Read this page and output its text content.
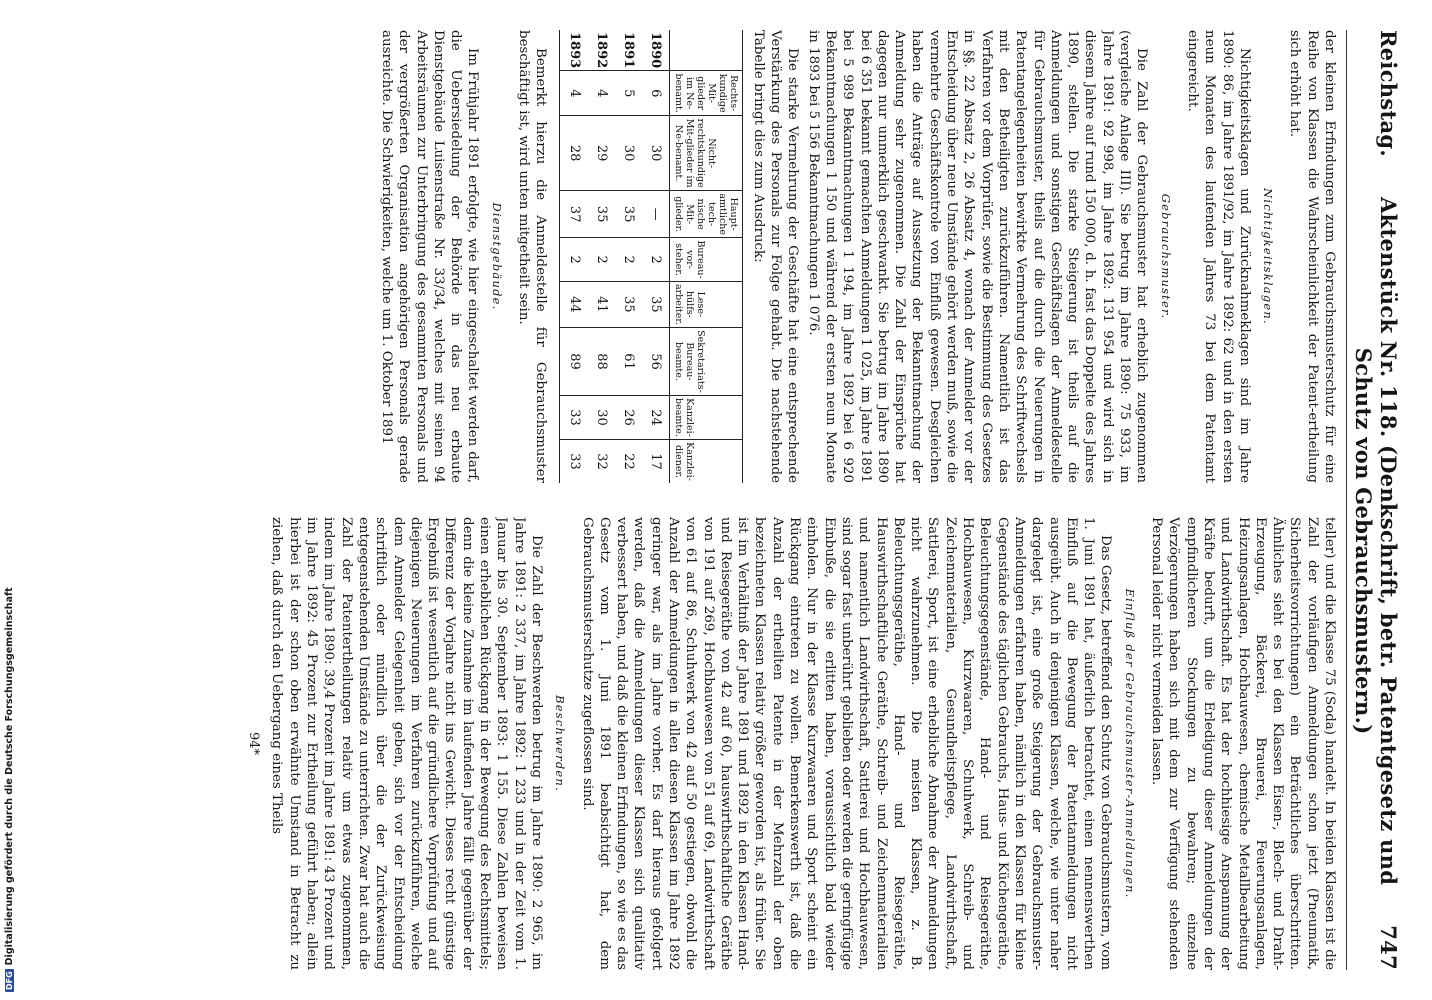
Reichstag.
Aktenstück Nr. 118. (Denkschrift, betr. Patentgesetz und Schutz von Gebrauchsmustern.)
747

der kleinen Erfindungen zum Gebrauchsmusterschutz für eine Reihe von Klassen die Wahrscheinlichkeit der Patent-ertheilung sich erhöht hat.

Nichtigkeitsklagen.

Nichtigkeitsklagen und Zurücknahmeklagen sind im Jahre 1890: 86, im Jahre 1891/92, im Jahre 1892: 62 und in den ersten neun Monaten des laufenden Jahres 73 bei dem Patentamt eingereicht.

Gebrauchsmuster.

Die Zahl der Gebrauchsmuster hat erheblich zugenommen (vergleiche Anlage III). Sie betrug im Jahre 1890: 75 933, im Jahre 1891: 92 998, im Jahre 1892: 131 954 und wird sich in diesem Jahre auf rund 150 000, d. h. fast das Doppelte des Jahres 1890, stellen. Die starke Steigerung ist theils auf die Anmeldungen und sonstigen Geschäftslagen der Anmeldestelle für Gebrauchsmuster, theils auf die durch die Neuerungen in Patentangelegenheiten bewirkte Vermehrung des Schriftwechsels mit den Betheiligten zurückzuführen. Namentlich ist das Verfahren vor dem Vorprüfer, sowie die Bestimmung des Gesetzes in §§. 22 Absatz 2, 26 Absatz 4, wonach der Anmelder vor der Entscheidung über neue Umstände gehört werden muß, sowie die vermehrte Geschäftskontrole von Einfluß gewesen. Desgleichen haben die Anträge auf Aussetzung der Bekanntmachung der Anmeldung sehr zugenommen. Die Zahl der Einsprüche hat dagegen nur unmerklich geschwankt. Sie betrug im Jahre 1890 bei 6 351 bekannt gemachten Anmeldungen 1 025, im Jahre 1891 bei 5 989 Bekanntmachungen 1 194, im Jahre 1892 bei 6 920 Bekanntmachungen 1 150 und während der ersten neun Monate in 1893 bei 5 156 Bekanntmachungen 1 076.

Die starke Vermehrung der Geschäfte hat eine entsprechende Verstärkung des Personals zur Folge gehabt. Die nachstehende Tabelle bringt dies zum Ausdruck:

	Rechts-kundige Mit-glieder im Ne-benamt.	Nicht-rechtskundige Mit-glieder im Ne-benamt.	Haupt-amtliche tech-nische Mit-glieder.	Bureau-vor-steher.	Lese-hülfs-arbeiter.	Sekretariats-Bureau-beamte.	Kanzlei-beamte.	Kanzlei-diener.
1890	6	30	—	2	35	56	24	17
1891	5	30	35	2	35	61	26	22
1892	4	29	35	2	41	88	30	32
1893	4	28	37	2	44	89	33	33

Bemerkt hierzu die Anmeldestelle für Gebrauchsmuster beschäftigt ist, wird unten mitgetheilt sein.

Dienstgebäude.

Im Frühjahr 1891 erfolgte, wie hier eingeschaltet werden darf, die Uebersiedelung der Behörde in das neu erbaute Dienstgebäude Luisenstraße Nr. 33/34, welches mit seinen 94 Arbeitsräumen zur Unterbringung des gesammten Personals und der vergrößerten Organisation angehörigen Personals gerade ausreichte. Die Schwierigkeiten, welche um 1. Oktober 1891

teller) und die Klasse 75 (Soda) handelt. In beiden Klassen ist die Zahl der vorläufigen Anmeldungen schon jetzt (Pneumatik, Sicherheitsvorrichtungen) ein Beträchtliches überschritten. Ähnliches sieht es bei den Klassen Eisen-, Blech- und Draht-Erzeugung, Bäckerei, Brauerei, Feuerungsanlagen, Heizungsanlagen, Hochbauwesen, chemische Metallbearbeitung und Landwirthschaft. Es hat der hochhiesige Anspannung der Kräfte bedurft, um die Erledigung dieser Anmeldungen der empfindlicheren Stockungen zu bewahren; einzelne Verzögerungen haben sich mit dem zur Verfügung stehenden Personal leider nicht vermeiden lassen.

Einfluß der Gebrauchsmuster-Anmeldungen.

Das Gesetz, betreffend den Schutz von Gebrauchsmustern, vom 1. Juni 1891 hat, äußerlich betrachtet, einen nennenswerthen Einfluß auf die Bewegung der Patentanmeldungen nicht ausgeübt. Auch in denjenigen Klassen, welche, wie unter naher dargelegt ist, eine große Steigerung der Gebrauchsmuster-Anmeldungen erfahren haben, nämlich in den Klassen für kleine Gegenstände des täglichen Gebrauchs, Haus- und Küchengeräthe, Beleuchtungsgegenstände, Hand- und Reisegeräthe, Hochbauwesen, Kurzwaaren, Schuhwerk, Schreib- und Zeichenmaterialien, Gesundheitspflege, Landwirthschaft, Sattlerei, Sport, ist eine erhebliche Abnahme der Anmeldungen nicht wahrzunehmen. Die meisten Klassen, z. B. Beleuchtungsgeräthe, Hand- und Reisegeräthe, Hauswirthschaftliche Geräthe, Schreib- und Zeichenmaterialien und namentlich Landwirthschaft, Sattlerei und Hochbauwesen, sind sogar fast unberührt geblieben oder werden die geringfügige Einbuße, die sie erlitten haben, voraussichtlich bald wieder einholen. Nur in der Klasse Kurzwaaren und Sport scheint ein Rückgang eintreten zu wollen. Bemerkenswerth ist, daß die Anzahl der ertheilten Patente in der Mehrzahl der oben bezeichneten Klassen relativ größer geworden ist, als früher. Sie ist im Verhältniß der Jahre 1891 und 1892 in den Klassen Hand- und Reisegeräthe von 42 auf 60, hauswirthschaftliche Geräthe von 191 auf 269, Hochbauwesen von 51 auf 69, Landwirthschaft von 61 auf 86, Schuhwerk von 42 auf 50 gestiegen, obwohl die Anzahl der Anmeldungen in allen diesen Klassen im Jahre 1892 geringer war, als im Jahre vorher. Es darf hieraus gefolgert werden, daß die Anmeldungen dieser Klassen sich qualitativ verbessert haben, und daß die kleinen Erfindungen, so wie es das Gesetz vom 1. Juni 1891 beabsichtigt hat, dem Gebrauchsmusterschutze zugeflossen sind.

Beschwerden.

Die Zahl der Beschwerden betrug im Jahre 1890: 2 965, im Jahre 1891: 2 337, im Jahre 1892: 1 233 und in der Zeit vom 1. Januar bis 30. September 1893: 1 155. Diese Zahlen beweisen einen erheblichen Rückgang in der Bewegung des Rechtsmittels; denn die kleine Zunahme im laufenden Jahre fällt gegenüber der Differenz der Vorjahre nicht ins Gewicht. Dieses recht günstige Ergebniß ist wesentlich auf die gründlichere Vorprüfung und auf diejenigen Neuerungen im Verfahren zurückzuführen, welche dem Anmelder Gelegenheit geben, sich vor der Entscheidung schriftlich oder mündlich über die der Zurückweisung entgegenstehenden Umstände zu unterrichten. Zwar hat auch die Zahl der Patentertheilungen relativ um etwas zugenommen, indem im Jahre 1890: 39,4 Prozent im Jahre 1891: 43 Prozent und im Jahre 1892: 45 Prozent zur Ertheilung geführt haben; allein hierbei ist der schon oben erwähnte Umstand in Betracht zu ziehen, daß durch den Uebergang eines Theils

94*
DFGDigitalisierung gefördert durch die Deutsche Forschungsgemeinschaft
